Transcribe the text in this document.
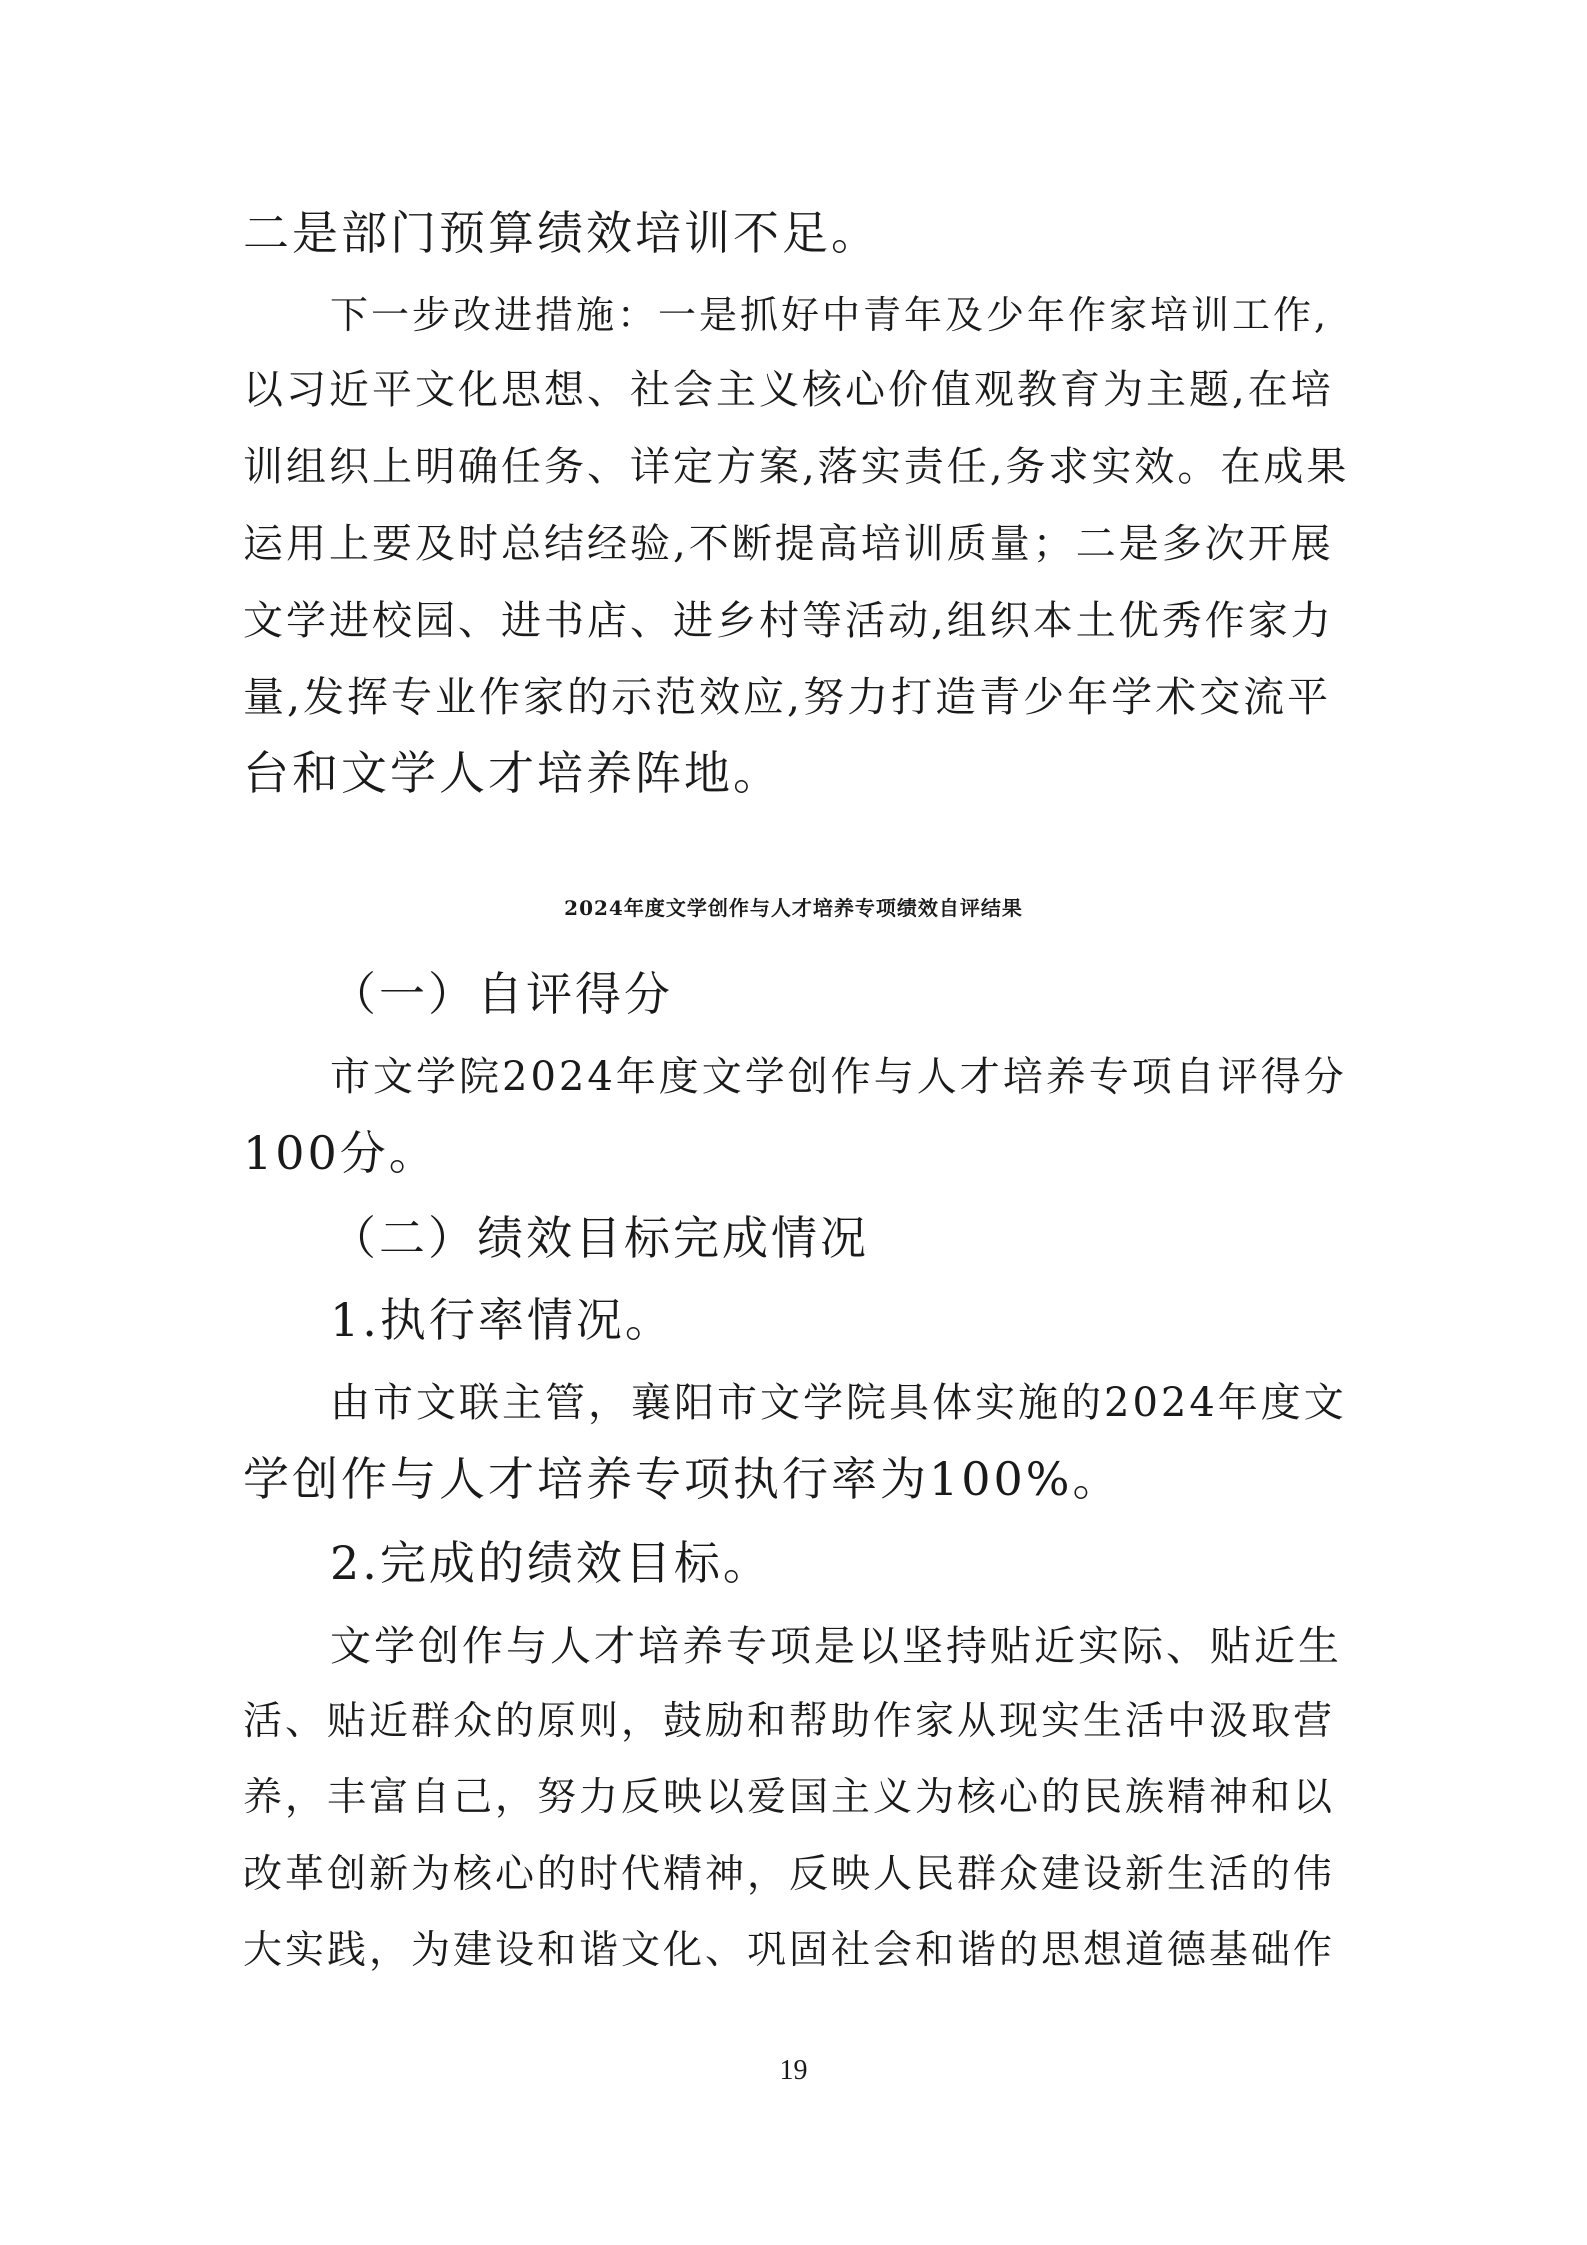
二是部门预算绩效培训不足。
下一步改进措施：一是抓好中青年及少年作家培训工作,
以习近平文化思想、社会主义核心价值观教育为主题,在培
训组织上明确任务、详定方案,落实责任,务求实效。在成果
运用上要及时总结经验,不断提高培训质量；二是多次开展
文学进校园、进书店、进乡村等活动,组织本土优秀作家力
量,发挥专业作家的示范效应,努力打造青少年学术交流平
台和文学人才培养阵地。
2024年度文学创作与人才培养专项绩效自评结果
（一）自评得分
市文学院2024年度文学创作与人才培养专项自评得分
100分。
（二）绩效目标完成情况
1.执行率情况。
由市文联主管，襄阳市文学院具体实施的2024年度文
学创作与人才培养专项执行率为100%。
2.完成的绩效目标。
文学创作与人才培养专项是以坚持贴近实际、贴近生
活、贴近群众的原则，鼓励和帮助作家从现实生活中汲取营
养，丰富自己，努力反映以爱国主义为核心的民族精神和以
改革创新为核心的时代精神，反映人民群众建设新生活的伟
大实践，为建设和谐文化、巩固社会和谐的思想道德基础作
19
